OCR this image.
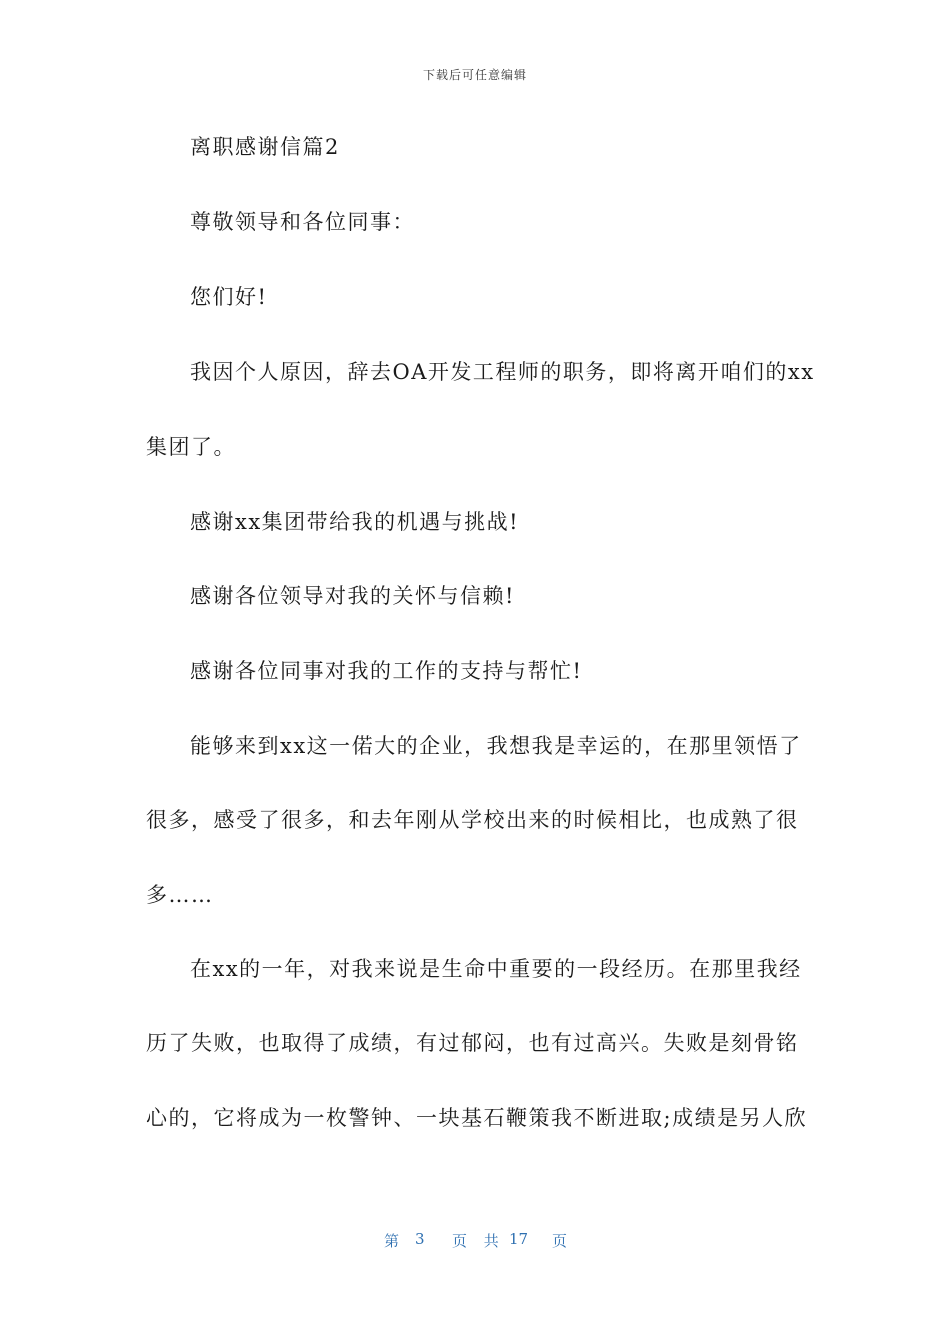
下载后可任意编辑
离职感谢信篇2
尊敬领导和各位同事：
您们好!
我因个人原因，辞去OA开发工程师的职务，即将离开咱们的xx
集团了。
感谢xx集团带给我的机遇与挑战!
感谢各位领导对我的关怀与信赖!
感谢各位同事对我的工作的支持与帮忙!
能够来到xx这一偌大的企业，我想我是幸运的，在那里领悟了
很多，感受了很多，和去年刚从学校出来的时候相比，也成熟了很
多……
在xx的一年，对我来说是生命中重要的一段经历。在那里我经
历了失败，也取得了成绩，有过郁闷，也有过高兴。失败是刻骨铭
心的，它将成为一枚警钟、一块基石鞭策我不断进取;成绩是另人欣
第 3 页 共 17 页
